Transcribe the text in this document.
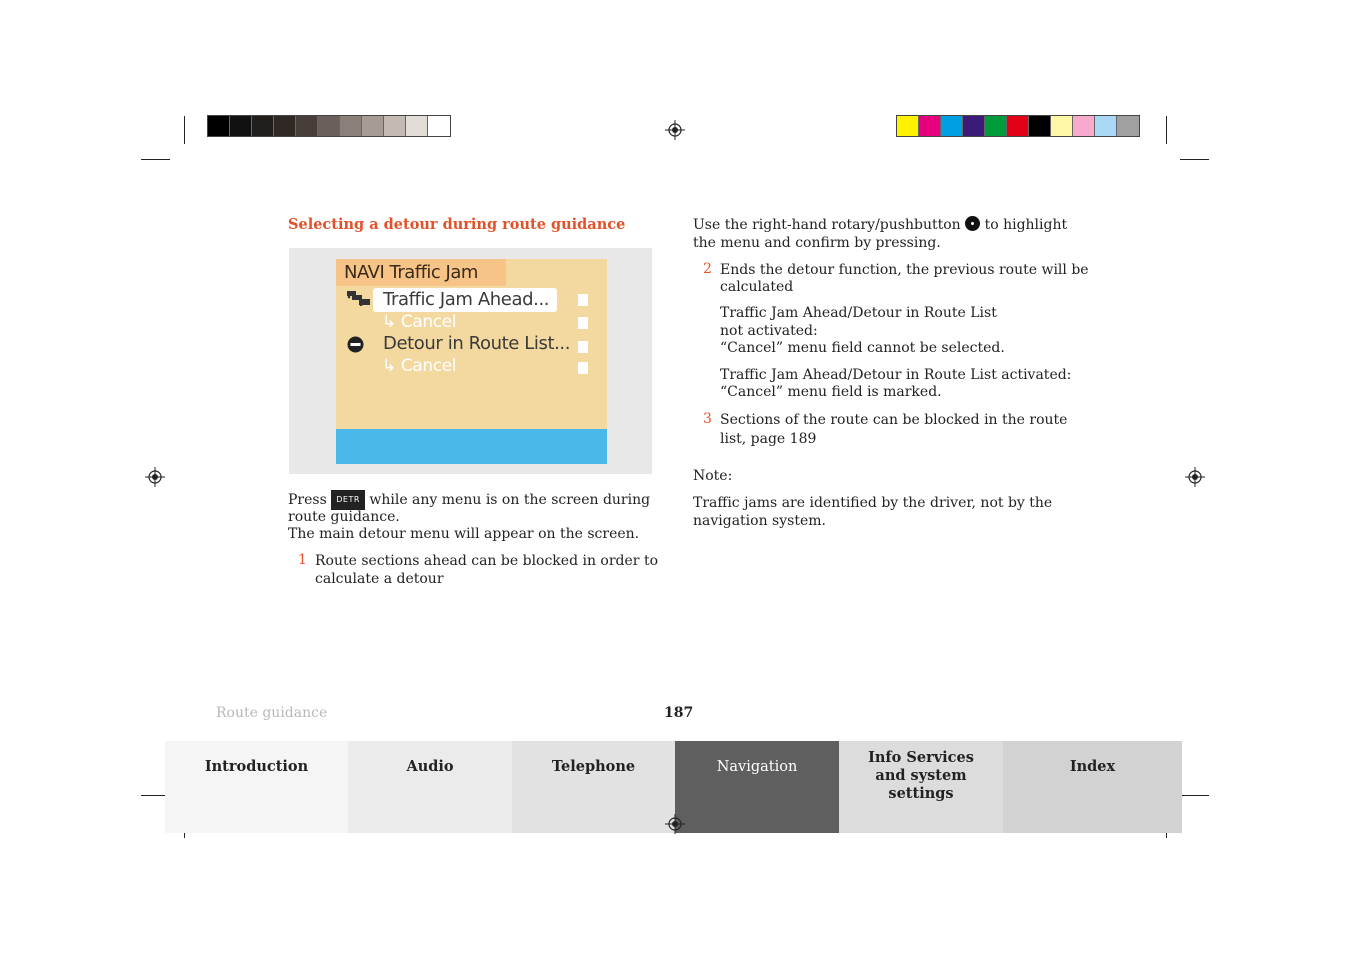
Selecting a detour during route guidance
NAVI Traffic Jam
Traffic Jam Ahead...
↳ Cancel
Detour in Route List...
↳ Cancel
Press DETR while any menu is on the screen during
route guidance.
The main detour menu will appear on the screen.
1 Route sections ahead can be blocked in order to
calculate a detour
Use the right-hand rotary/pushbutton to highlight
the menu and confirm by pressing.
2 Ends the detour function, the previous route will be
calculated
Traffic Jam Ahead/Detour in Route List
not activated:
“Cancel” menu field cannot be selected.
Traffic Jam Ahead/Detour in Route List activated:
“Cancel” menu field is marked.
3 Sections of the route can be blocked in the route
list, page 189
Note:
Traffic jams are identified by the driver, not by the
navigation system.
Route guidance	187
Introduction	Audio	Telephone	Navigation
Info Services and system settings
Index
